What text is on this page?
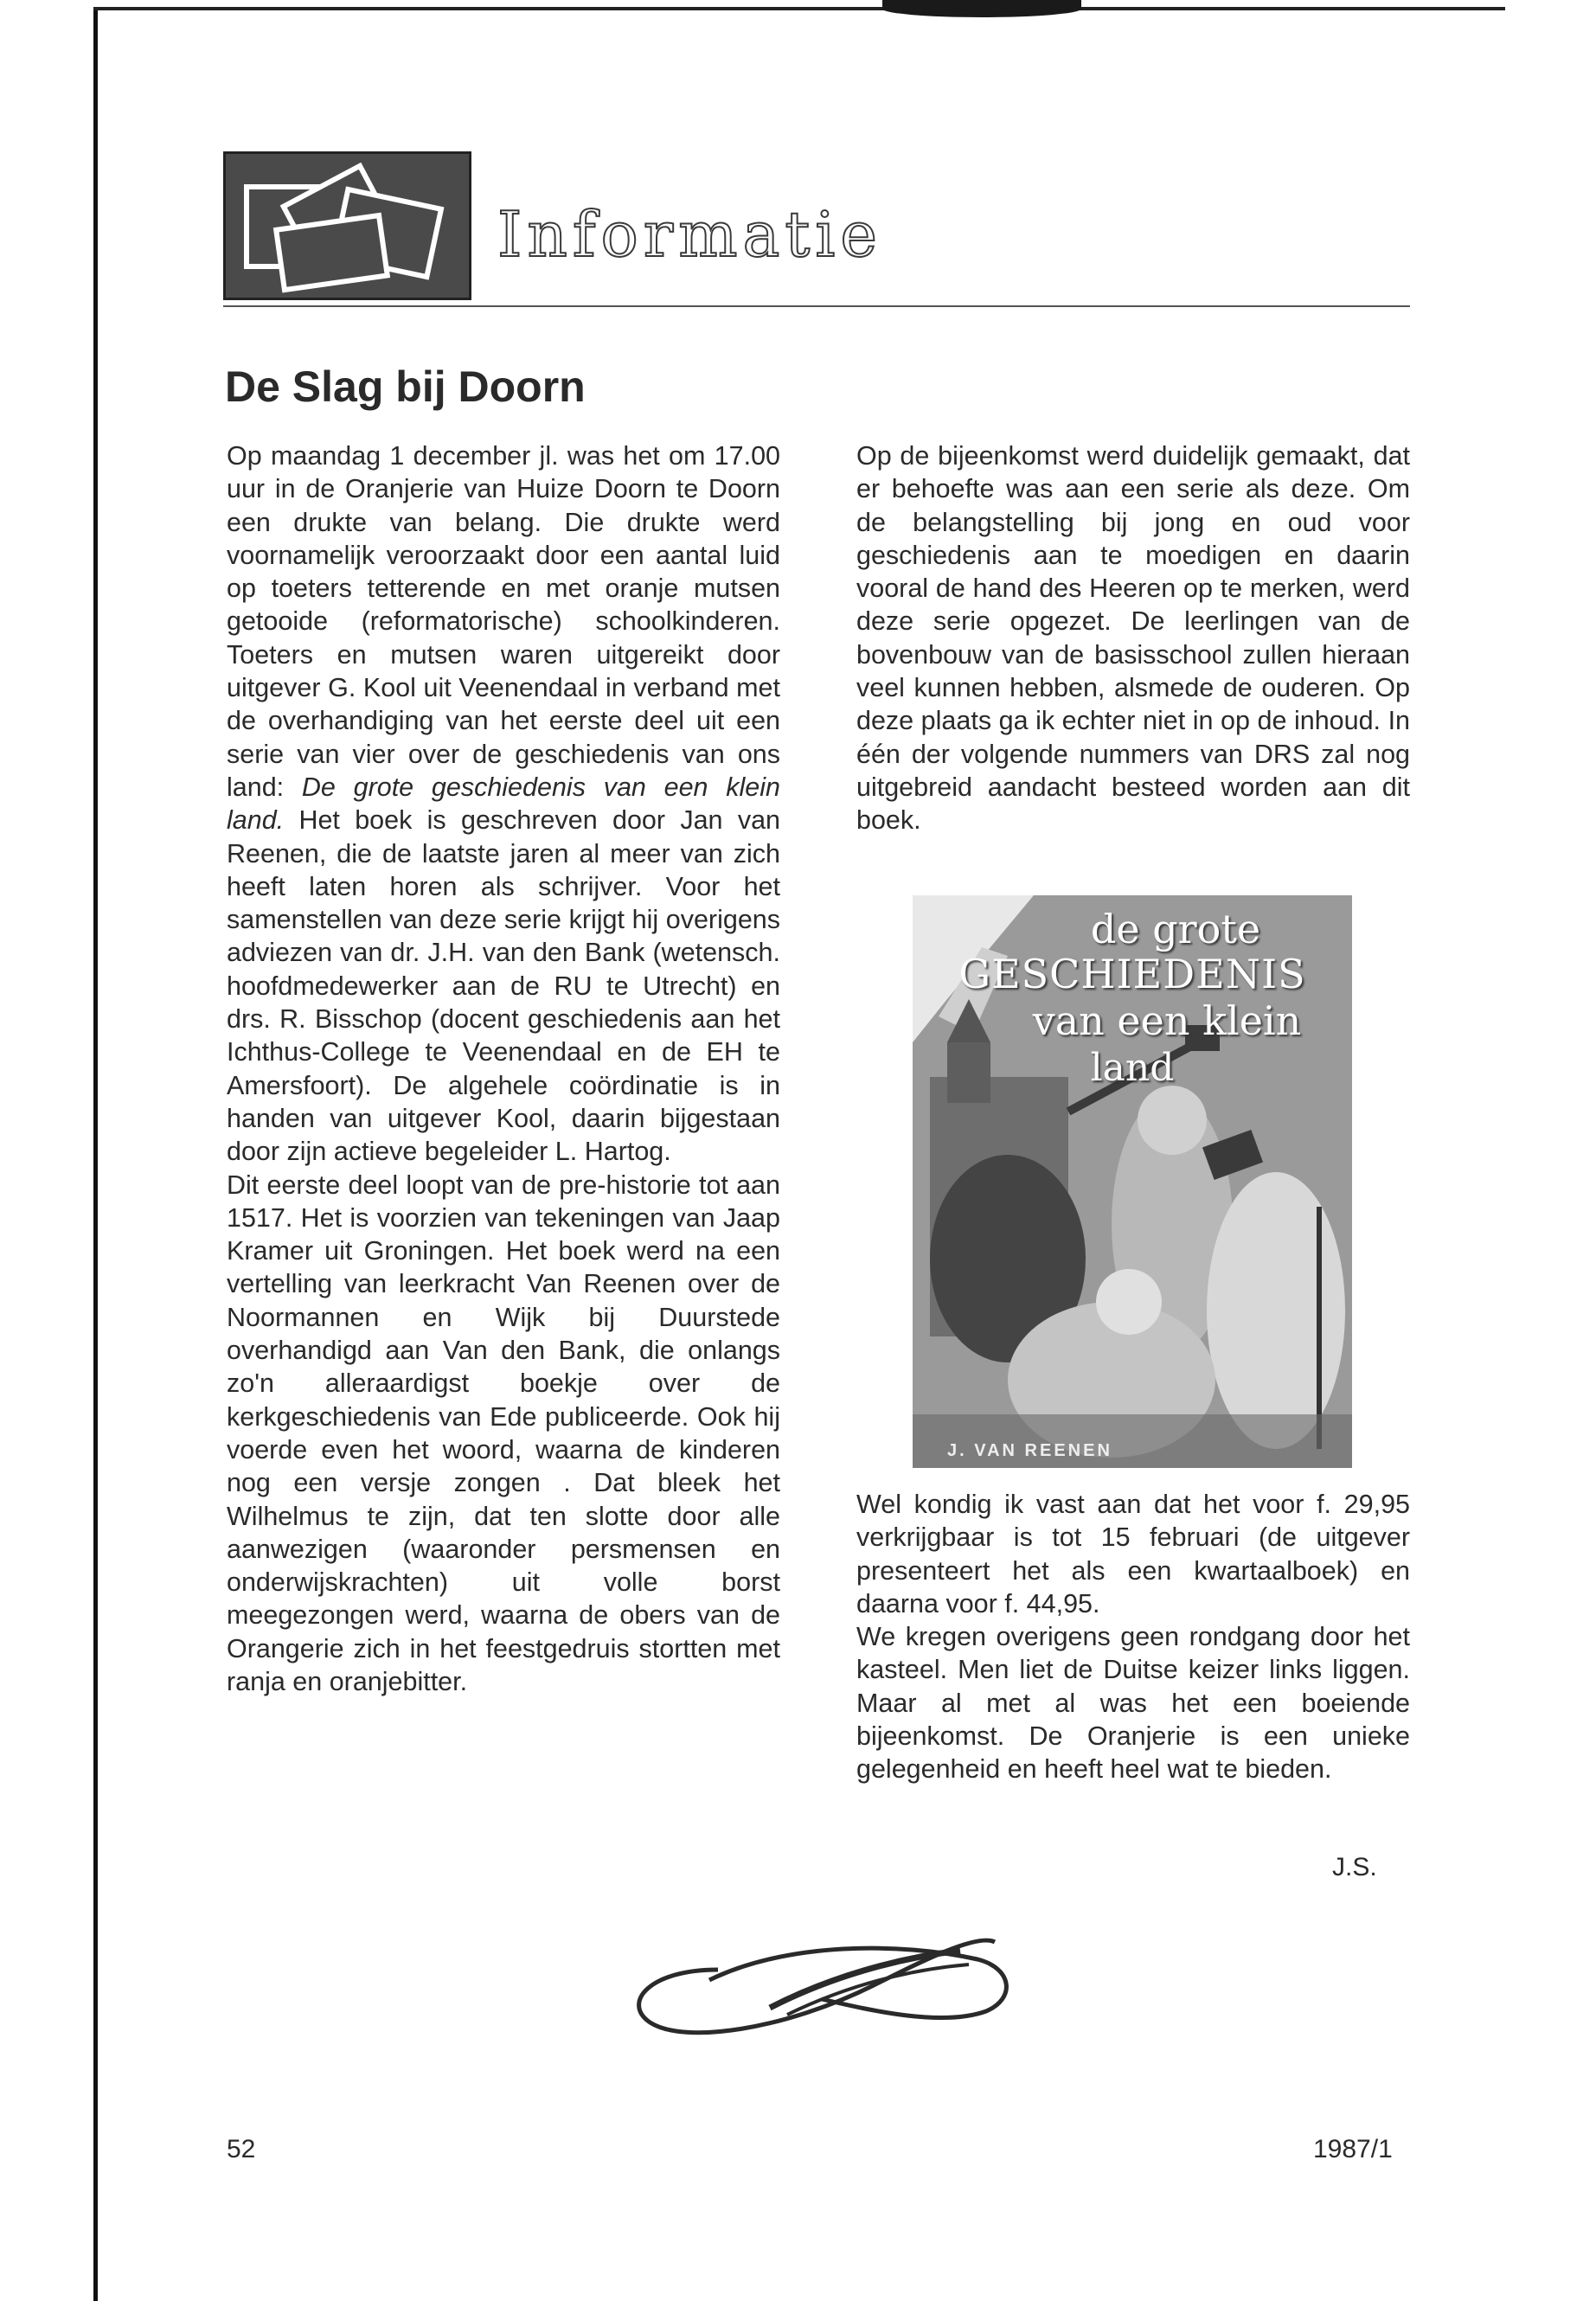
Informatie
De Slag bij Doorn

Op maandag 1 december jl. was het om 17.00 uur in de Oranjerie van Huize Doorn te Doorn een drukte van belang. Die drukte werd voornamelijk veroorzaakt door een aantal luid op toeters tetterende en met oranje mutsen getooide (reformatorische) schoolkinderen. Toeters en mutsen waren uitgereikt door uitgever G. Kool uit Veenendaal in verband met de overhandiging van het eerste deel uit een serie van vier over de geschiedenis van ons land: De grote geschiedenis van een klein land. Het boek is geschreven door Jan van Reenen, die de laatste jaren al meer van zich heeft laten horen als schrijver. Voor het samenstellen van deze serie krijgt hij overigens adviezen van dr. J.H. van den Bank (wetensch. hoofdmedewerker aan de RU te Utrecht) en drs. R. Bisschop (docent geschiedenis aan het Ichthus-College te Veenendaal en de EH te Amersfoort). De algehele coördinatie is in handen van uitgever Kool, daarin bijgestaan door zijn actieve begeleider L. Hartog.

Dit eerste deel loopt van de pre-historie tot aan 1517. Het is voorzien van tekeningen van Jaap Kramer uit Groningen. Het boek werd na een vertelling van leerkracht Van Reenen over de Noormannen en Wijk bij Duurstede overhandigd aan Van den Bank, die onlangs zo'n alleraardigst boekje over de kerkgeschiedenis van Ede publiceerde. Ook hij voerde even het woord, waarna de kinderen nog een versje zongen . Dat bleek het Wilhelmus te zijn, dat ten slotte door alle aanwezigen (waaronder persmensen en onderwijskrachten) uit volle borst meegezongen werd, waarna de obers van de Orangerie zich in het feestgedruis stortten met ranja en oranjebitter.

Op de bijeenkomst werd duidelijk gemaakt, dat er behoefte was aan een serie als deze. Om de belangstelling bij jong en oud voor geschiedenis aan te moedigen en daarin vooral de hand des Heeren op te merken, werd deze serie opgezet. De leerlingen van de bovenbouw van de basisschool zullen hieraan veel kunnen hebben, alsmede de ouderen. Op deze plaats ga ik echter niet in op de inhoud. In één der volgende nummers van DRS zal nog uitgebreid aandacht besteed worden aan dit boek.

de grote
GESCHIEDENIS
van een klein
land
J. VAN REENEN

Wel kondig ik vast aan dat het voor f. 29,95 verkrijgbaar is tot 15 februari (de uitgever presenteert het als een kwartaalboek) en daarna voor f. 44,95.

We kregen overigens geen rondgang door het kasteel. Men liet de Duitse keizer links liggen. Maar al met al was het een boeiende bijeenkomst. De Oranjerie is een unieke gelegenheid en heeft heel wat te bieden.

J.S.
52	1987/1
